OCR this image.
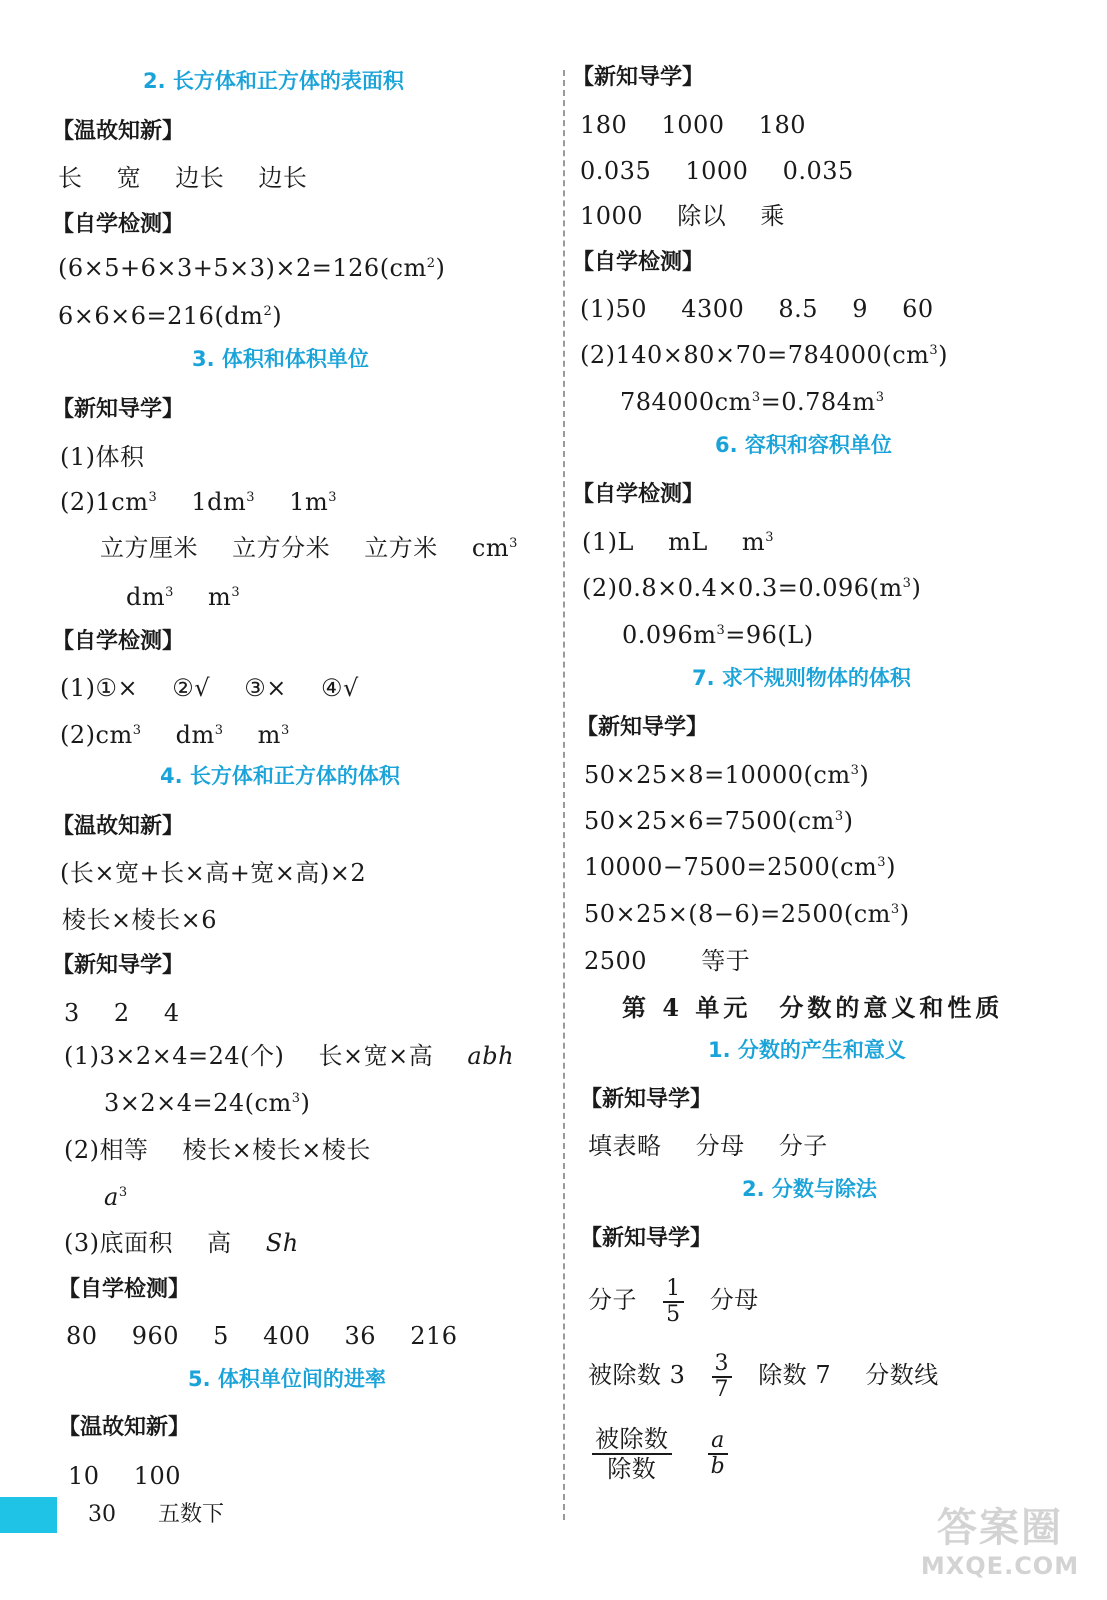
2. 长方体和正方体的表面积
【温故知新】
长 宽 边长 边长
【自学检测】
$(6\times 5+6\times 3+5\times 3)\times 2=126(cm^2)$
$6\times 6\times 6=216(dm^2)$
3. 体积和体积单位
【新知导学】
(1)体积
$(2)1cm^3$ $1dm^3$ $1m^3$
立方厘米 立方分米 立方米 $cm^3$
$dm^3$ $m^3$
【自学检测】
(1)①× ②√ ③× ④√
$(2)cm^3$ $dm^3$ $m^3$
4. 长方体和正方体的体积
【温故知新】
(长×宽+长×高+宽×高)×2
棱长×棱长×6
【新知导学】
3 2 4
(1)3×2×4=24(个) 长×宽×高 abh
$3\times 2\times 4=24(cm^3)$
(2)相等 棱长×棱长×棱长
$a^3$
(3)底面积 高 Sh
【自学检测】
80 960 5 400 36 216
5. 体积单位间的进率
【温故知新】
10 100
【新知导学】
180 1000 180
0.035 1000 0.035
1000 除以 乘
【自学检测】
(1)50 4300 8.5 9 60
$(2)140\times 80\times 70=784000(cm^3)$
$784000cm^3=0.784m^3$
6. 容积和容积单位
【自学检测】
(1)L mL $m^3$
$(2)0.8\times 0.4\times 0.3=0.096(m^3)$
$0.096m^3=96(L)$
7. 求不规则物体的体积
【新知导学】
$50\times 25\times 8=10000(cm^3)$
$50\times 25\times 6=7500(cm^3)$
$10000-7500=2500(cm^3)$
$50\times 25\times(8-6)=2500(cm^3)$
2500 等于
第 4 单元　分数的意义和性质
1. 分数的产生和意义
【新知导学】
填表略 分母 分子
2. 分数与除法
【新知导学】
分子 $\frac{1}{5}$ 分母
被除数 $3 \frac{3}{7}$ 除数 7 分数线
$\frac{\text{被除数}}{\text{除数}}$
$\frac{a}{b}$
30 五数下	答案圈
MXQE.COM
